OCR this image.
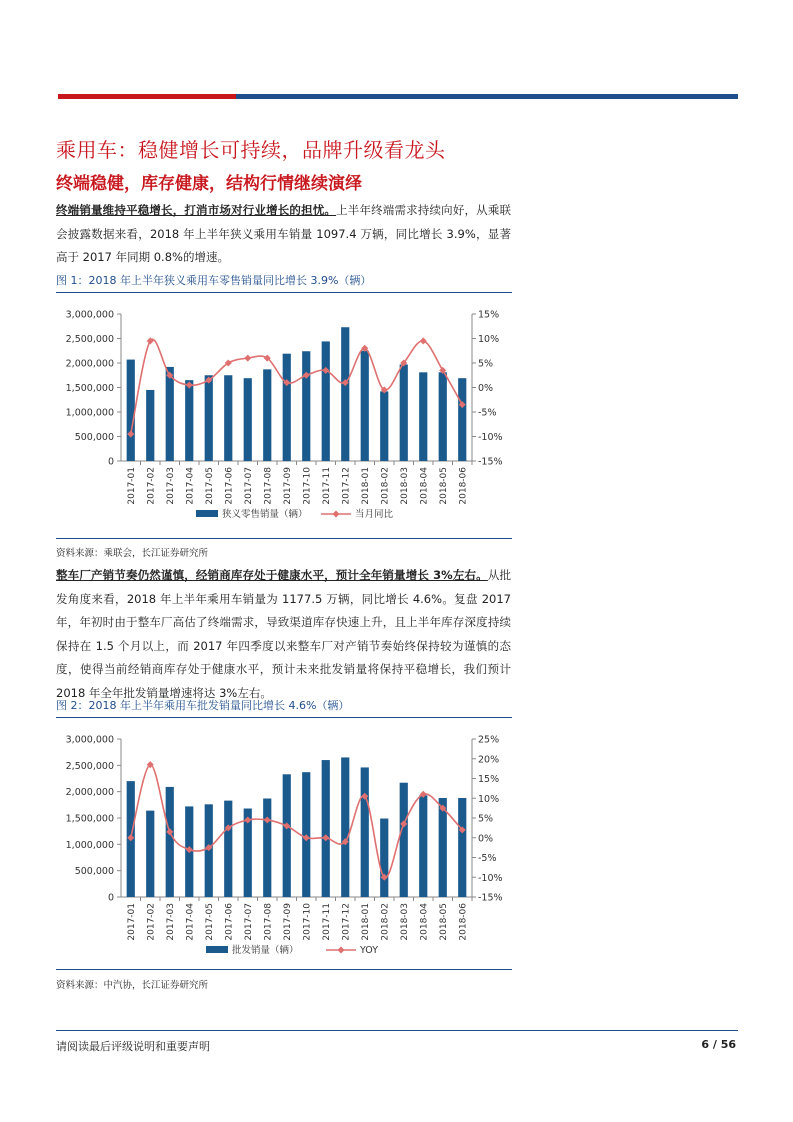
乘用车：稳健增长可持续，品牌升级看龙头
终端稳健，库存健康，结构行情继续演绎
终端销量维持平稳增长，打消市场对行业增长的担忧。上半年终端需求持续向好，从乘联会披露数据来看，2018 年上半年狭义乘用车销量 1097.4 万辆，同比增长 3.9%，显著高于 2017 年同期 0.8%的增速。
图 1：2018 年上半年狭义乘用车零售销量同比增长 3.9%（辆）
3,000,000
2,500,000
2,000,000
1,500,000
1,000,000
500,000
0
15%
10%
5%
0%
-5%
-10%
-15%
2017-01 2017-02 2017-03 2017-04 2017-05 2017-06 2017-07 2017-08 2017-09 2017-10 2017-11 2017-12 2018-01 2018-02 2018-03 2018-04 2018-05 2018-06
狭义零售销量（辆）	当月同比
资料来源：乘联会，长江证券研究所
整车厂产销节奏仍然谨慎，经销商库存处于健康水平，预计全年销量增长 3%左右。从批发角度来看，2018 年上半年乘用车销量为 1177.5 万辆，同比增长 4.6%。复盘 2017 年，年初时由于整车厂高估了终端需求，导致渠道库存快速上升，且上半年库存深度持续保持在 1.5 个月以上，而 2017 年四季度以来整车厂对产销节奏始终保持较为谨慎的态度，使得当前经销商库存处于健康水平，预计未来批发销量将保持平稳增长，我们预计 2018 年全年批发销量增速将达 3%左右。
图 2：2018 年上半年乘用车批发销量同比增长 4.6%（辆）
3,000,000
2,500,000
2,000,000
1,500,000
1,000,000
500,000
0
25%
20%
15%
10%
5%
0%
-5%
-10%
-15%
2017-01 2017-02 2017-03 2017-04 2017-05 2017-06 2017-07 2017-08 2017-09 2017-10 2017-11 2017-12 2018-01 2018-02 2018-03 2018-04 2018-05 2018-06
批发销量（辆）	YOY
资料来源：中汽协，长江证券研究所
请阅读最后评级说明和重要声明	6 / 56
